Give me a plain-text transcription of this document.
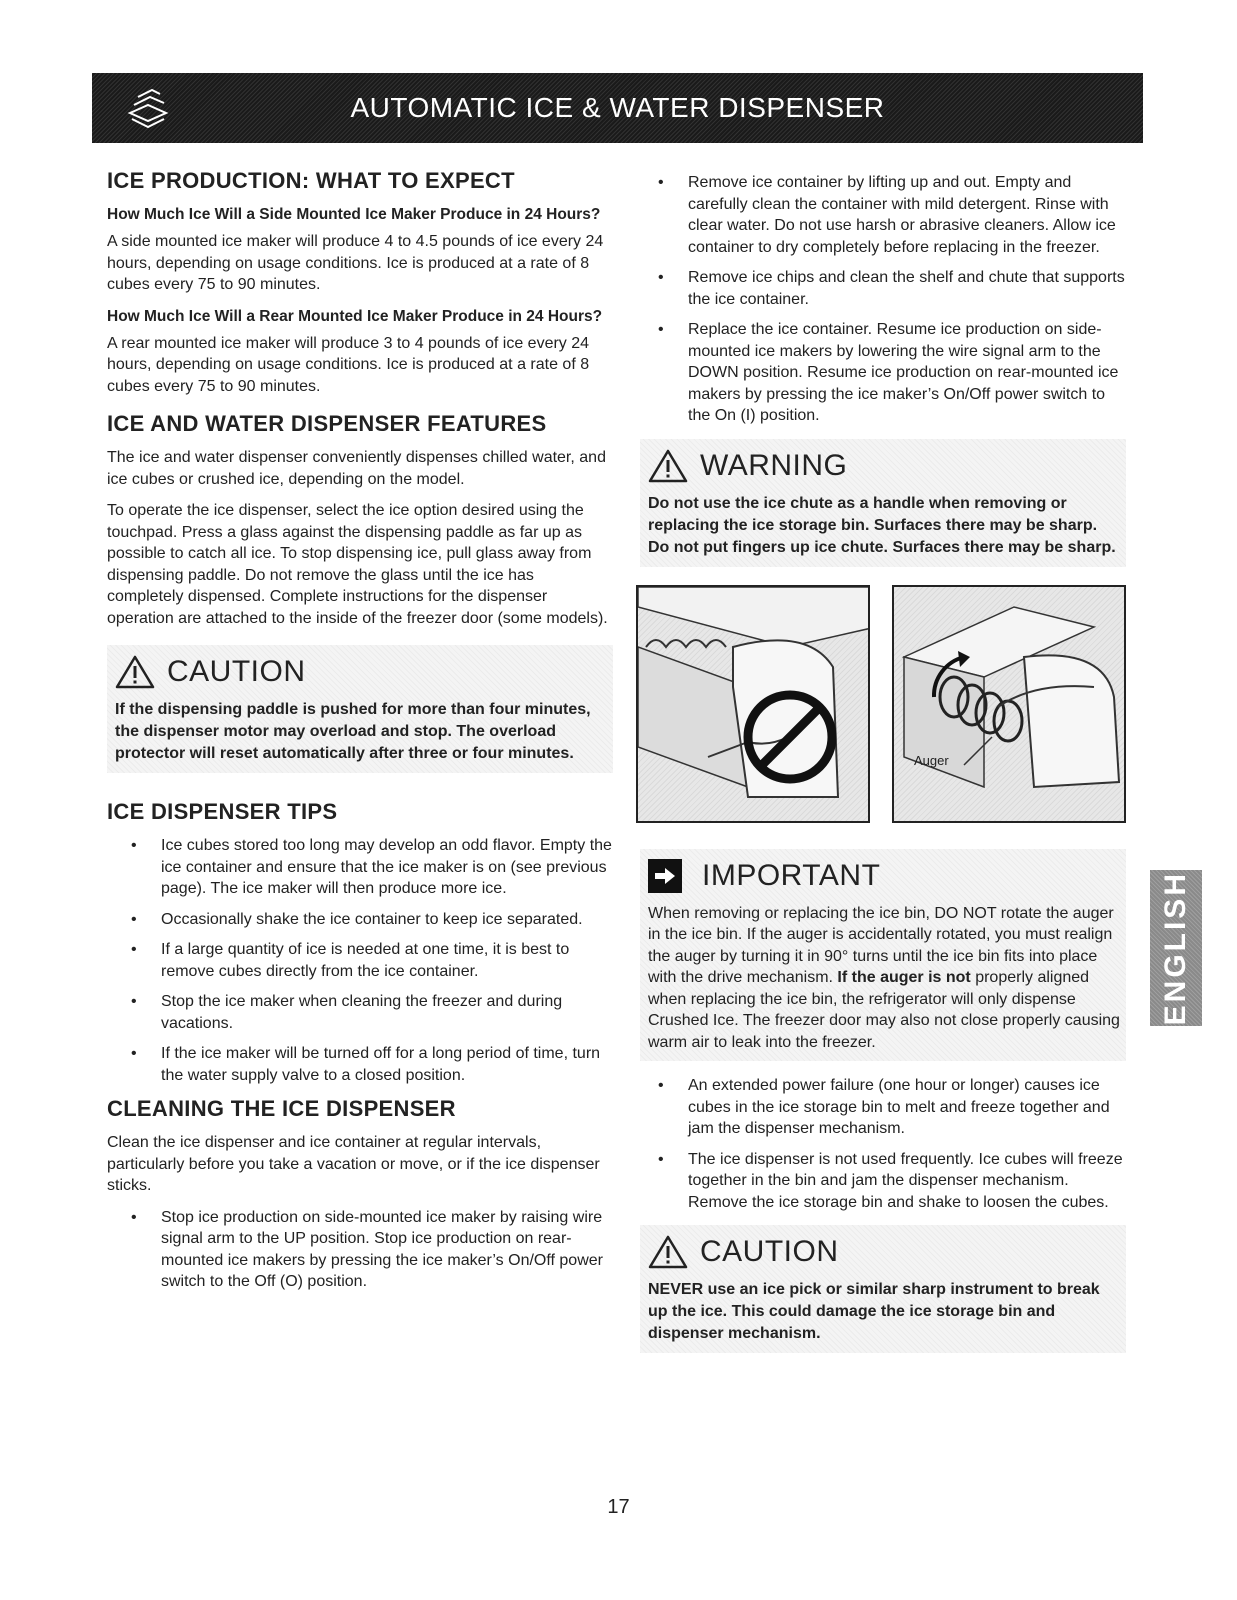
AUTOMATIC ICE & WATER DISPENSER
ICE PRODUCTION: WHAT TO EXPECT
How Much Ice Will a Side Mounted Ice Maker Produce in 24 Hours?

A side mounted ice maker will produce 4 to 4.5 pounds of ice every 24 hours, depending on usage conditions. Ice is produced at a rate of 8 cubes every 75 to 90 minutes.

How Much Ice Will a Rear Mounted Ice Maker Produce in 24 Hours?

A rear mounted ice maker will produce 3 to 4 pounds of ice every 24 hours, depending on usage conditions. Ice is produced at a rate of 8 cubes every 75 to 90 minutes.

ICE AND WATER DISPENSER FEATURES

The ice and water dispenser conveniently dispenses chilled water, and ice cubes or crushed ice, depending on the model.

To operate the ice dispenser, select the ice option desired using the touchpad. Press a glass against the dispensing paddle as far up as possible to catch all ice. To stop dispensing ice, pull glass away from dispensing paddle. Do not remove the glass until the ice has completely dispensed. Complete instructions for the dispenser operation are attached to the inside of the freezer door (some models).

CAUTION

If the dispensing paddle is pushed for more than four minutes, the dispenser motor may overload and stop. The overload protector will reset automatically after three or four minutes.

ICE DISPENSER TIPS
• Ice cubes stored too long may develop an odd flavor. Empty the ice container and ensure that the ice maker is on (see previous page). The ice maker will then produce more ice.
• Occasionally shake the ice container to keep ice separated.
• If a large quantity of ice is needed at one time, it is best to remove cubes directly from the ice container.
• Stop the ice maker when cleaning the freezer and during vacations.
• If the ice maker will be turned off for a long period of time, turn the water supply valve to a closed position.
CLEANING THE ICE DISPENSER

Clean the ice dispenser and ice container at regular intervals, particularly before you take a vacation or move, or if the ice dispenser sticks.

• Stop ice production on side-mounted ice maker by raising wire signal arm to the UP position. Stop ice production on rear-mounted ice makers by pressing the ice maker’s On/Off power switch to the Off (O) position.
• Remove ice container by lifting up and out. Empty and carefully clean the container with mild detergent. Rinse with clear water. Do not use harsh or abrasive cleaners. Allow ice container to dry completely before replacing in the freezer.
• Remove ice chips and clean the shelf and chute that supports the ice container.
• Replace the ice container. Resume ice production on side-mounted ice makers by lowering the wire signal arm to the DOWN position. Resume ice production on rear-mounted ice makers by pressing the ice maker’s On/Off power switch to the On (I) position.
WARNING

Do not use the ice chute as a handle when removing or replacing the ice storage bin. Surfaces there may be sharp. Do not put fingers up ice chute. Surfaces there may be sharp.

Auger
IMPORTANT

When removing or replacing the ice bin, DO NOT rotate the auger in the ice bin. If the auger is accidentally rotated, you must realign the auger by turning it in 90° turns until the ice bin fits into place with the drive mechanism. If the auger is not properly aligned when replacing the ice bin, the refrigerator will only dispense Crushed Ice. The freezer door may also not close properly causing warm air to leak into the freezer.

• An extended power failure (one hour or longer) causes ice cubes in the ice storage bin to melt and freeze together and jam the dispenser mechanism.
• The ice dispenser is not used frequently. Ice cubes will freeze together in the bin and jam the dispenser mechanism. Remove the ice storage bin and shake to loosen the cubes.
CAUTION

NEVER use an ice pick or similar sharp instrument to break up the ice. This could damage the ice storage bin and dispenser mechanism.

ENGLISH
17
